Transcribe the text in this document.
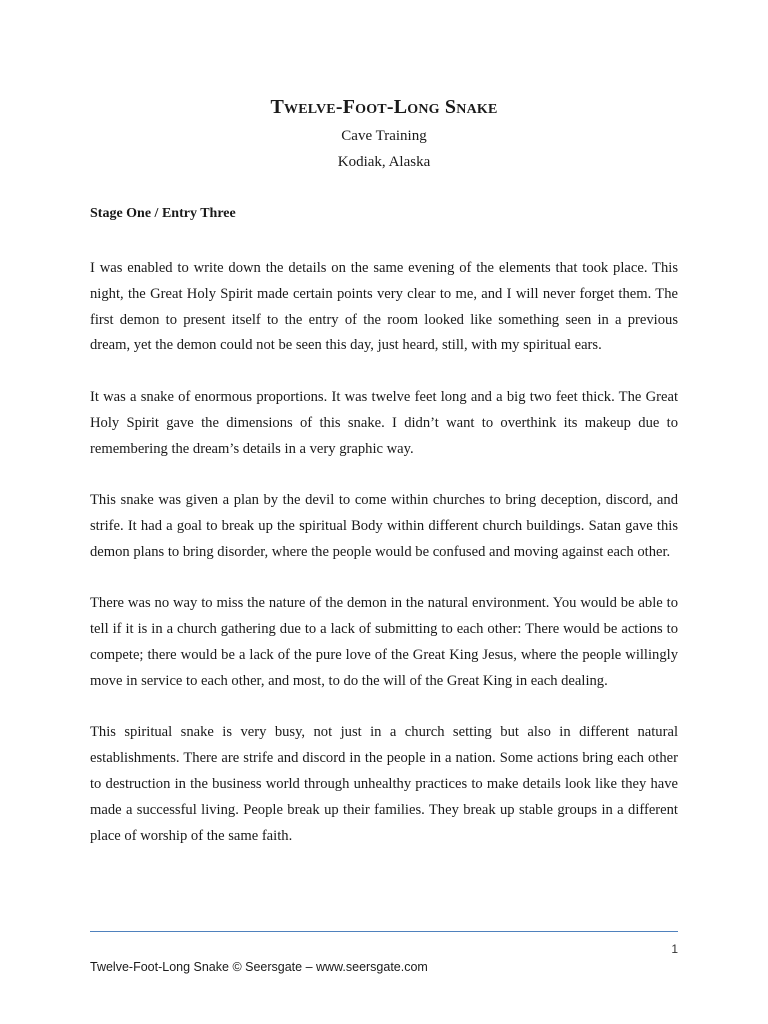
Twelve-Foot-Long Snake

Cave Training

Kodiak, Alaska

Stage One / Entry Three

I was enabled to write down the details on the same evening of the elements that took place. This night, the Great Holy Spirit made certain points very clear to me, and I will never forget them. The first demon to present itself to the entry of the room looked like something seen in a previous dream, yet the demon could not be seen this day, just heard, still, with my spiritual ears.

It was a snake of enormous proportions. It was twelve feet long and a big two feet thick. The Great Holy Spirit gave the dimensions of this snake. I didn’t want to overthink its makeup due to remembering the dream’s details in a very graphic way.

This snake was given a plan by the devil to come within churches to bring deception, discord, and strife. It had a goal to break up the spiritual Body within different church buildings. Satan gave this demon plans to bring disorder, where the people would be confused and moving against each other.

There was no way to miss the nature of the demon in the natural environment. You would be able to tell if it is in a church gathering due to a lack of submitting to each other: There would be actions to compete; there would be a lack of the pure love of the Great King Jesus, where the people willingly move in service to each other, and most, to do the will of the Great King in each dealing.

This spiritual snake is very busy, not just in a church setting but also in different natural establishments. There are strife and discord in the people in a nation. Some actions bring each other to destruction in the business world through unhealthy practices to make details look like they have made a successful living. People break up their families. They break up stable groups in a different place of worship of the same faith.

1
Twelve-Foot-Long Snake © Seersgate – www.seersgate.com
